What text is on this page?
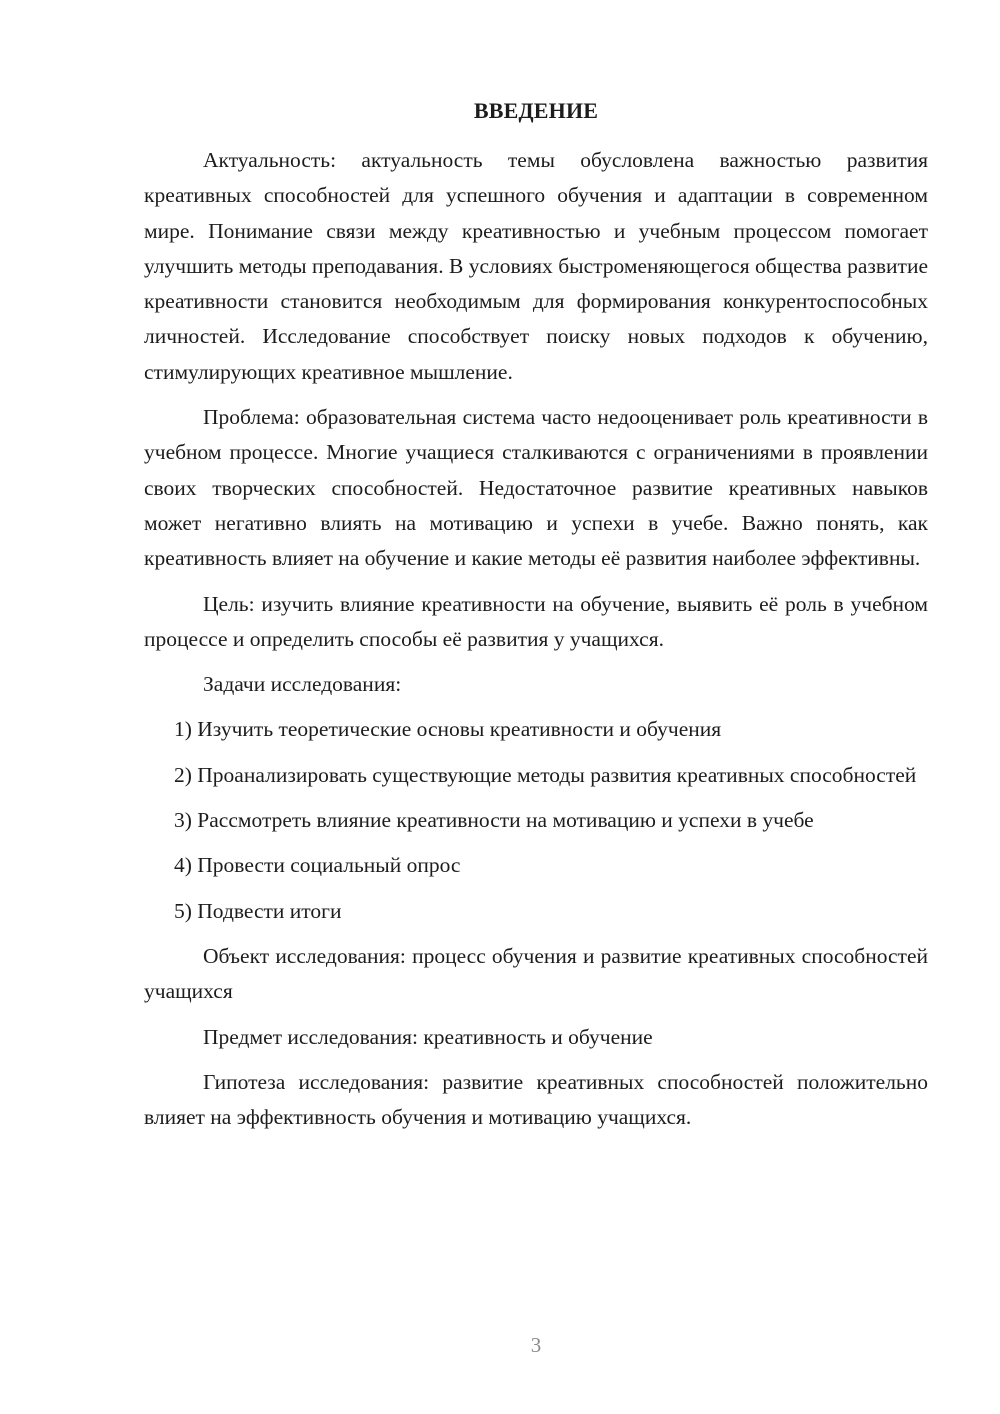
ВВЕДЕНИЕ

Актуальность: актуальность темы обусловлена важностью развития креативных способностей для успешного обучения и адаптации в современном мире. Понимание связи между креативностью и учебным процессом помогает улучшить методы преподавания. В условиях быстроменяющегося общества развитие креативности становится необходимым для формирования конкурентоспособных личностей. Исследование способствует поиску новых подходов к обучению, стимулирующих креативное мышление.

Проблема: образовательная система часто недооценивает роль креативности в учебном процессе. Многие учащиеся сталкиваются с ограничениями в проявлении своих творческих способностей. Недостаточное развитие креативных навыков может негативно влиять на мотивацию и успехи в учебе. Важно понять, как креативность влияет на обучение и какие методы её развития наиболее эффективны.

Цель: изучить влияние креативности на обучение, выявить её роль в учебном процессе и определить способы её развития у учащихся.

Задачи исследования:

1) Изучить теоретические основы креативности и обучения

2) Проанализировать существующие методы развития креативных способностей

3) Рассмотреть влияние креативности на мотивацию и успехи в учебе

4) Провести социальный опрос

5) Подвести итоги

Объект исследования: процесс обучения и развитие креативных способностей учащихся

Предмет исследования: креативность и обучение

Гипотеза исследования: развитие креативных способностей положительно влияет на эффективность обучения и мотивацию учащихся.

3
